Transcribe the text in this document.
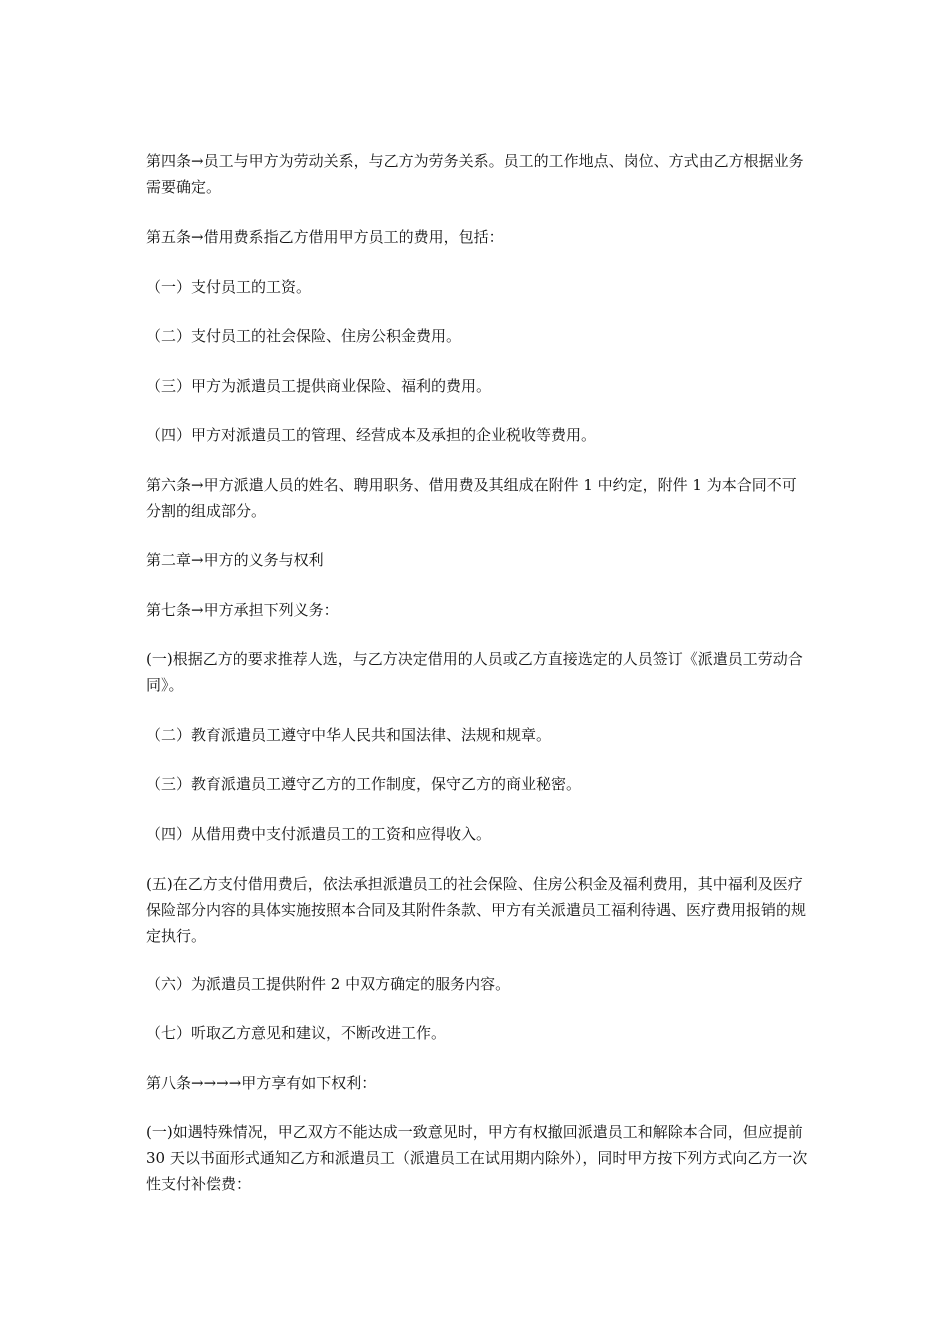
第四条→员工与甲方为劳动关系，与乙方为劳务关系。员工的工作地点、岗位、方式由乙方根据业务需要确定。

第五条→借用费系指乙方借用甲方员工的费用，包括：

（一）支付员工的工资。

（二）支付员工的社会保险、住房公积金费用。

（三）甲方为派遣员工提供商业保险、福利的费用。

（四）甲方对派遣员工的管理、经营成本及承担的企业税收等费用。

第六条→甲方派遣人员的姓名、聘用职务、借用费及其组成在附件 1 中约定，附件 1 为本合同不可分割的组成部分。

第二章→甲方的义务与权利

第七条→甲方承担下列义务：

(一)根据乙方的要求推荐人选，与乙方决定借用的人员或乙方直接选定的人员签订《派遣员工劳动合同》。

（二）教育派遣员工遵守中华人民共和国法律、法规和规章。

（三）教育派遣员工遵守乙方的工作制度，保守乙方的商业秘密。

（四）从借用费中支付派遣员工的工资和应得收入。

(五)在乙方支付借用费后，依法承担派遣员工的社会保险、住房公积金及福利费用，其中福利及医疗保险部分内容的具体实施按照本合同及其附件条款、甲方有关派遣员工福利待遇、医疗费用报销的规定执行。

（六）为派遣员工提供附件 2 中双方确定的服务内容。

（七）听取乙方意见和建议，不断改进工作。

第八条→→→→甲方享有如下权利：

(一)如遇特殊情况，甲乙双方不能达成一致意见时，甲方有权撤回派遣员工和解除本合同，但应提前 30 天以书面形式通知乙方和派遣员工（派遣员工在试用期内除外），同时甲方按下列方式向乙方一次性支付补偿费：
